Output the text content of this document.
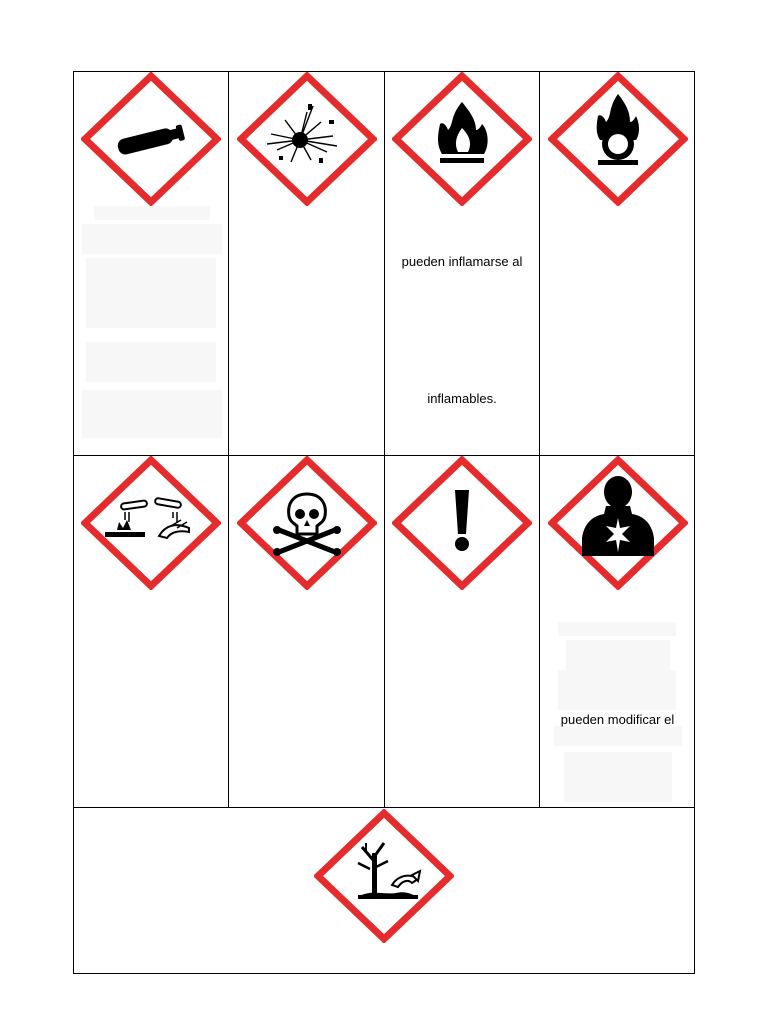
pueden inflamarse al
inflamables.
pueden modificar el
